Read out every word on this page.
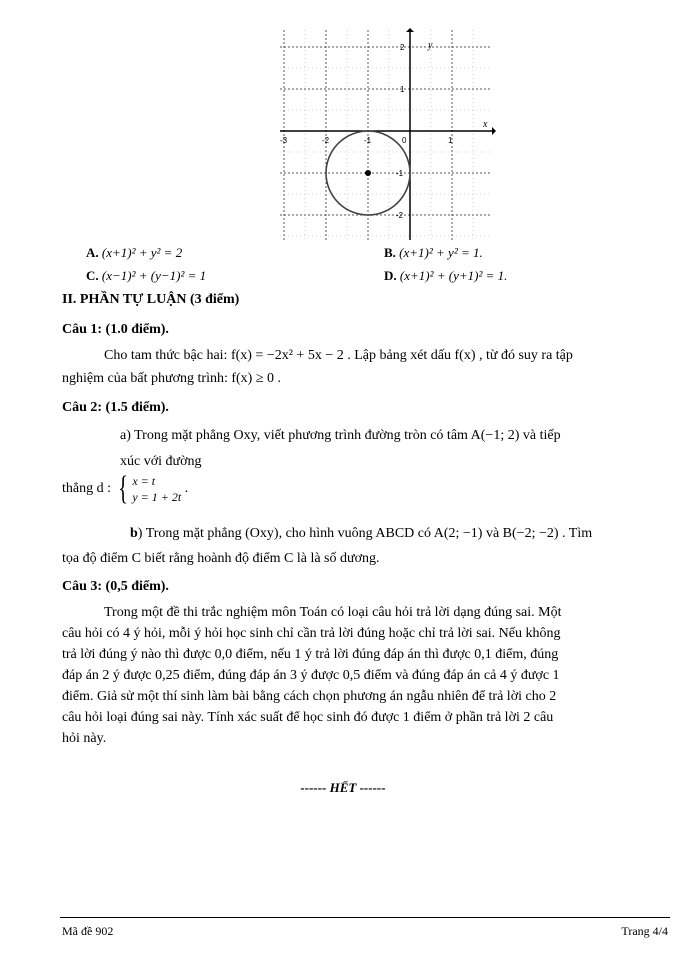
x
y
-3	-2	-1	0	1
2
1
-1
-2
A. (x+1)² + y² = 2	B. (x+1)² + y² = 1.
C. (x−1)² + (y−1)² = 1	D. (x+1)² + (y+1)² = 1.
II. PHẦN TỰ LUẬN (3 điểm)
Câu 1: (1.0 điểm).
Cho tam thức bậc hai: f(x) = −2x² + 5x − 2 . Lập bảng xét dấu f(x) , từ đó suy ra tập
nghiệm của bất phương trình: f(x) ≥ 0 .
Câu 2: (1.5 điểm).
a) Trong mặt phẳng Oxy, viết phương trình đường tròn có tâm A(−1; 2) và tiếp
xúc với đường
thẳng d : { x = t
y = 1 + 2t .
b) Trong mặt phẳng (Oxy), cho hình vuông ABCD có A(2; −1) và B(−2; −2) . Tìm
tọa độ điểm C biết rằng hoành độ điểm C là là số dương.
Câu 3: (0,5 điểm).
Trong một đề thi trắc nghiệm môn Toán có loại câu hỏi trả lời dạng đúng sai. Một
câu hỏi có 4 ý hỏi, mỗi ý hỏi học sinh chỉ cần trả lời đúng hoặc chỉ trả lời sai. Nếu không
trả lời đúng ý nào thì được 0,0 điểm, nếu 1 ý trả lời đúng đáp án thì được 0,1 điểm, đúng
đáp án 2 ý được 0,25 điểm, đúng đáp án 3 ý được 0,5 điểm và đúng đáp án cả 4 ý được 1
điểm. Giả sử một thí sinh làm bài bằng cách chọn phương án ngẫu nhiên để trả lời cho 2
câu hỏi loại đúng sai này. Tính xác suất để học sinh đó được 1 điểm ở phần trả lời 2 câu
hỏi này.
------ HẾT ------
Mã đề 902	Trang 4/4
